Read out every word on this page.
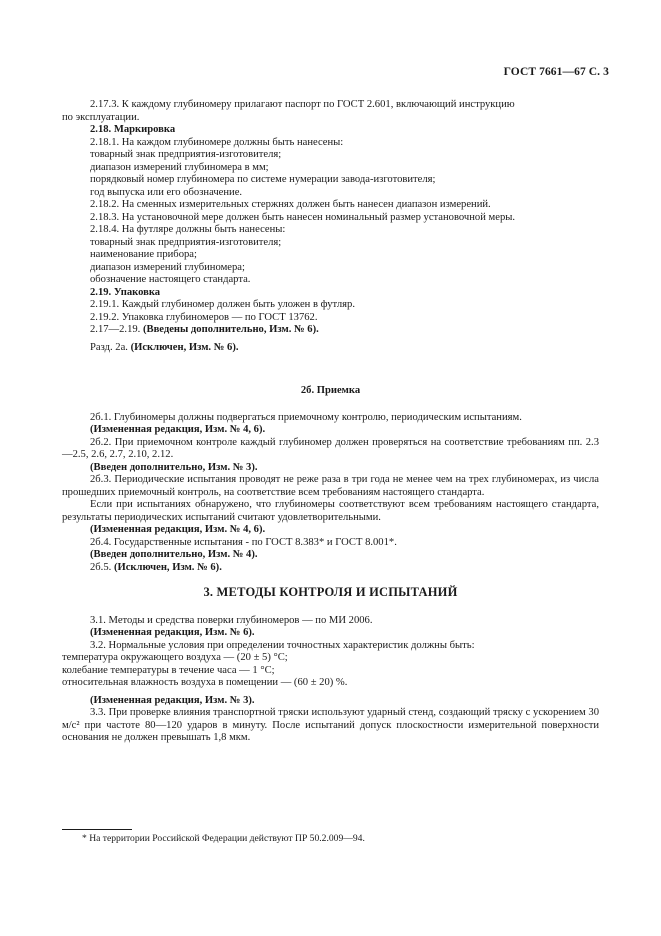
ГОСТ 7661—67 С. 3

2.17.3. К каждому глубиномеру прилагают паспорт по ГОСТ 2.601, включающий инструкцию

по эксплуатации.

2.18. Маркировка

2.18.1. На каждом глубиномере должны быть нанесены:

товарный знак предприятия-изготовителя;

диапазон измерений глубиномера в мм;

порядковый номер глубиномера по системе нумерации завода-изготовителя;

год выпуска или его обозначение.

2.18.2. На сменных измерительных стержнях должен быть нанесен диапазон измерений.

2.18.3. На установочной мере должен быть нанесен номинальный размер установочной меры.

2.18.4. На футляре должны быть нанесены:

товарный знак предприятия-изготовителя;

наименование прибора;

диапазон измерений глубиномера;

обозначение настоящего стандарта.

2.19. Упаковка

2.19.1. Каждый глубиномер должен быть уложен в футляр.

2.19.2. Упаковка глубиномеров — по ГОСТ 13762.

2.17—2.19. (Введены дополнительно, Изм. № 6).

Разд. 2а. (Исключен, Изм. № 6).

2б. Приемка

2б.1. Глубиномеры должны подвергаться приемочному контролю, периодическим испытаниям.

(Измененная редакция, Изм. № 4, 6).

2б.2. При приемочном контроле каждый глубиномер должен проверяться на соответствие требованиям пп. 2.3—2.5, 2.6, 2.7, 2.10, 2.12.

(Введен дополнительно, Изм. № 3).

2б.3. Периодические испытания проводят не реже раза в три года не менее чем на трех глубиномерах, из числа прошедших приемочный контроль, на соответствие всем требованиям настоящего стандарта.

Если при испытаниях обнаружено, что глубиномеры соответствуют всем требованиям настоящего стандарта, результаты периодических испытаний считают удовлетворительными.

(Измененная редакция, Изм. № 4, 6).

2б.4. Государственные испытания - по ГОСТ 8.383* и ГОСТ 8.001*.

(Введен дополнительно, Изм. № 4).

2б.5. (Исключен, Изм. № 6).

3. МЕТОДЫ КОНТРОЛЯ И ИСПЫТАНИЙ

3.1. Методы и средства поверки глубиномеров — по МИ 2006.

(Измененная редакция, Изм. № 6).

3.2. Нормальные условия при определении точностных характеристик должны быть:

температура окружающего воздуха — (20 ± 5) °С;

колебание температуры в течение часа — 1 °С;

относительная влажность воздуха в помещении — (60 ± 20) %.

(Измененная редакция, Изм. № 3).

3.3. При проверке влияния транспортной тряски используют ударный стенд, создающий тряску с ускорением 30 м/с² при частоте 80—120 ударов в минуту. После испытаний допуск плоскостности измерительной поверхности основания не должен превышать 1,8 мкм.

* На территории Российской Федерации действуют ПР 50.2.009—94.
